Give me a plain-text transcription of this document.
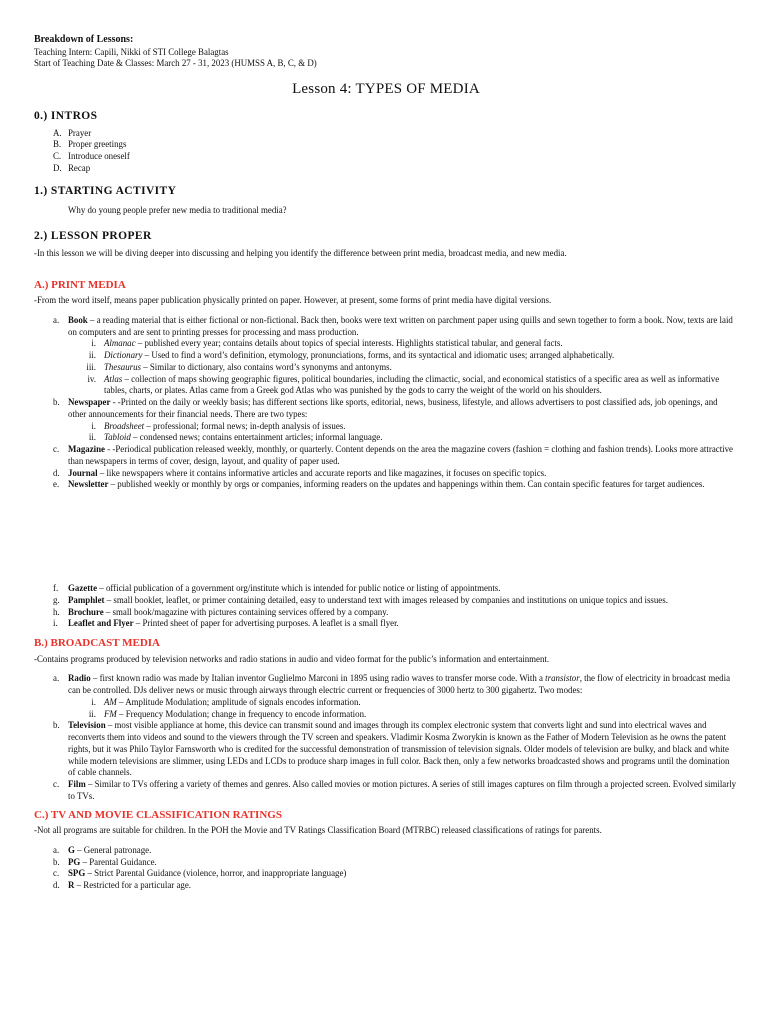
Breakdown of Lessons:
Teaching Intern: Capili, Nikki of STI College Balagtas
Start of Teaching Date & Classes: March 27 - 31, 2023 (HUMSS A, B, C, & D)
Lesson 4: TYPES OF MEDIA
0.) INTROS
A. Prayer
B. Proper greetings
C. Introduce oneself
D. Recap
1.) STARTING ACTIVITY
Why do young people prefer new media to traditional media?
2.) LESSON PROPER
-In this lesson we will be diving deeper into discussing and helping you identify the difference between print media, broadcast media, and new media.
A.) PRINT MEDIA
-From the word itself, means paper publication physically printed on paper. However, at present, some forms of print media have digital versions.
a. Book – a reading material that is either fictional or non-fictional. Back then, books were text written on parchment paper using quills and sewn together to form a book. Now, texts are laid on computers and are sent to printing presses for processing and mass production.
i. Almanac – published every year; contains details about topics of special interests. Highlights statistical tabular, and general facts.
ii. Dictionary – Used to find a word’s definition, etymology, pronunciations, forms, and its syntactical and idiomatic uses; arranged alphabetically.
iii. Thesaurus – Similar to dictionary, also contains word’s synonyms and antonyms.
iv. Atlas – collection of maps showing geographic figures, political boundaries, including the climactic, social, and economical statistics of a specific area as well as informative tables, charts, or plates. Atlas came from a Greek god Atlas who was punished by the gods to carry the weight of the world on his shoulders.
b. Newspaper - -Printed on the daily or weekly basis; has different sections like sports, editorial, news, business, lifestyle, and allows advertisers to post classified ads, job openings, and other announcements for their financial needs. There are two types:
i. Broadsheet – professional; formal news; in-depth analysis of issues.
ii. Tabloid – condensed news; contains entertainment articles; informal language.
c. Magazine - -Periodical publication released weekly, monthly, or quarterly. Content depends on the area the magazine covers (fashion = clothing and fashion trends). Looks more attractive than newspapers in terms of cover, design, layout, and quality of paper used.
d. Journal – like newspapers where it contains informative articles and accurate reports and like magazines, it focuses on specific topics.
e. Newsletter – published weekly or monthly by orgs or companies, informing readers on the updates and happenings within them. Can contain specific features for target audiences.
f. Gazette – official publication of a government org/institute which is intended for public notice or listing of appointments.
g. Pamphlet – small booklet, leaflet, or primer containing detailed, easy to understand text with images released by companies and institutions on unique topics and issues.
h. Brochure – small book/magazine with pictures containing services offered by a company.
i. Leaflet and Flyer – Printed sheet of paper for advertising purposes. A leaflet is a small flyer.
B.) BROADCAST MEDIA
-Contains programs produced by television networks and radio stations in audio and video format for the public’s information and entertainment.
a. Radio – first known radio was made by Italian inventor Guglielmo Marconi in 1895 using radio waves to transfer morse code. With a transistor, the flow of electricity in broadcast media can be controlled. DJs deliver news or music through airways through electric current or frequencies of 3000 hertz to 300 gigahertz. Two modes:
i. AM – Amplitude Modulation; amplitude of signals encodes information.
ii. FM – Frequency Modulation; change in frequency to encode information.
b. Television – most visible appliance at home, this device can transmit sound and images through its complex electronic system that converts light and sund into electrical waves and reconverts them into videos and sound to the viewers through the TV screen and speakers. Vladimir Kosma Zworykin is known as the Father of Modern Television as he owns the patent rights, but it was Philo Taylor Farnsworth who is credited for the successful demonstration of transmission of television signals. Older models of television are bulky, and black and white while modern televisions are slimmer, using LEDs and LCDs to produce sharp images in full color. Back then, only a few networks broadcasted shows and programs until the domination of cable channels.
c. Film – Similar to TVs offering a variety of themes and genres. Also called movies or motion pictures. A series of still images captures on film through a projected screen. Evolved similarly to TVs.
C.) TV AND MOVIE CLASSIFICATION RATINGS
-Not all programs are suitable for children. In the POH the Movie and TV Ratings Classification Board (MTRBC) released classifications of ratings for parents.
a. G – General patronage.
b. PG – Parental Guidance.
c. SPG – Strict Parental Guidance (violence, horror, and inappropriate language)
d. R – Restricted for a particular age.
